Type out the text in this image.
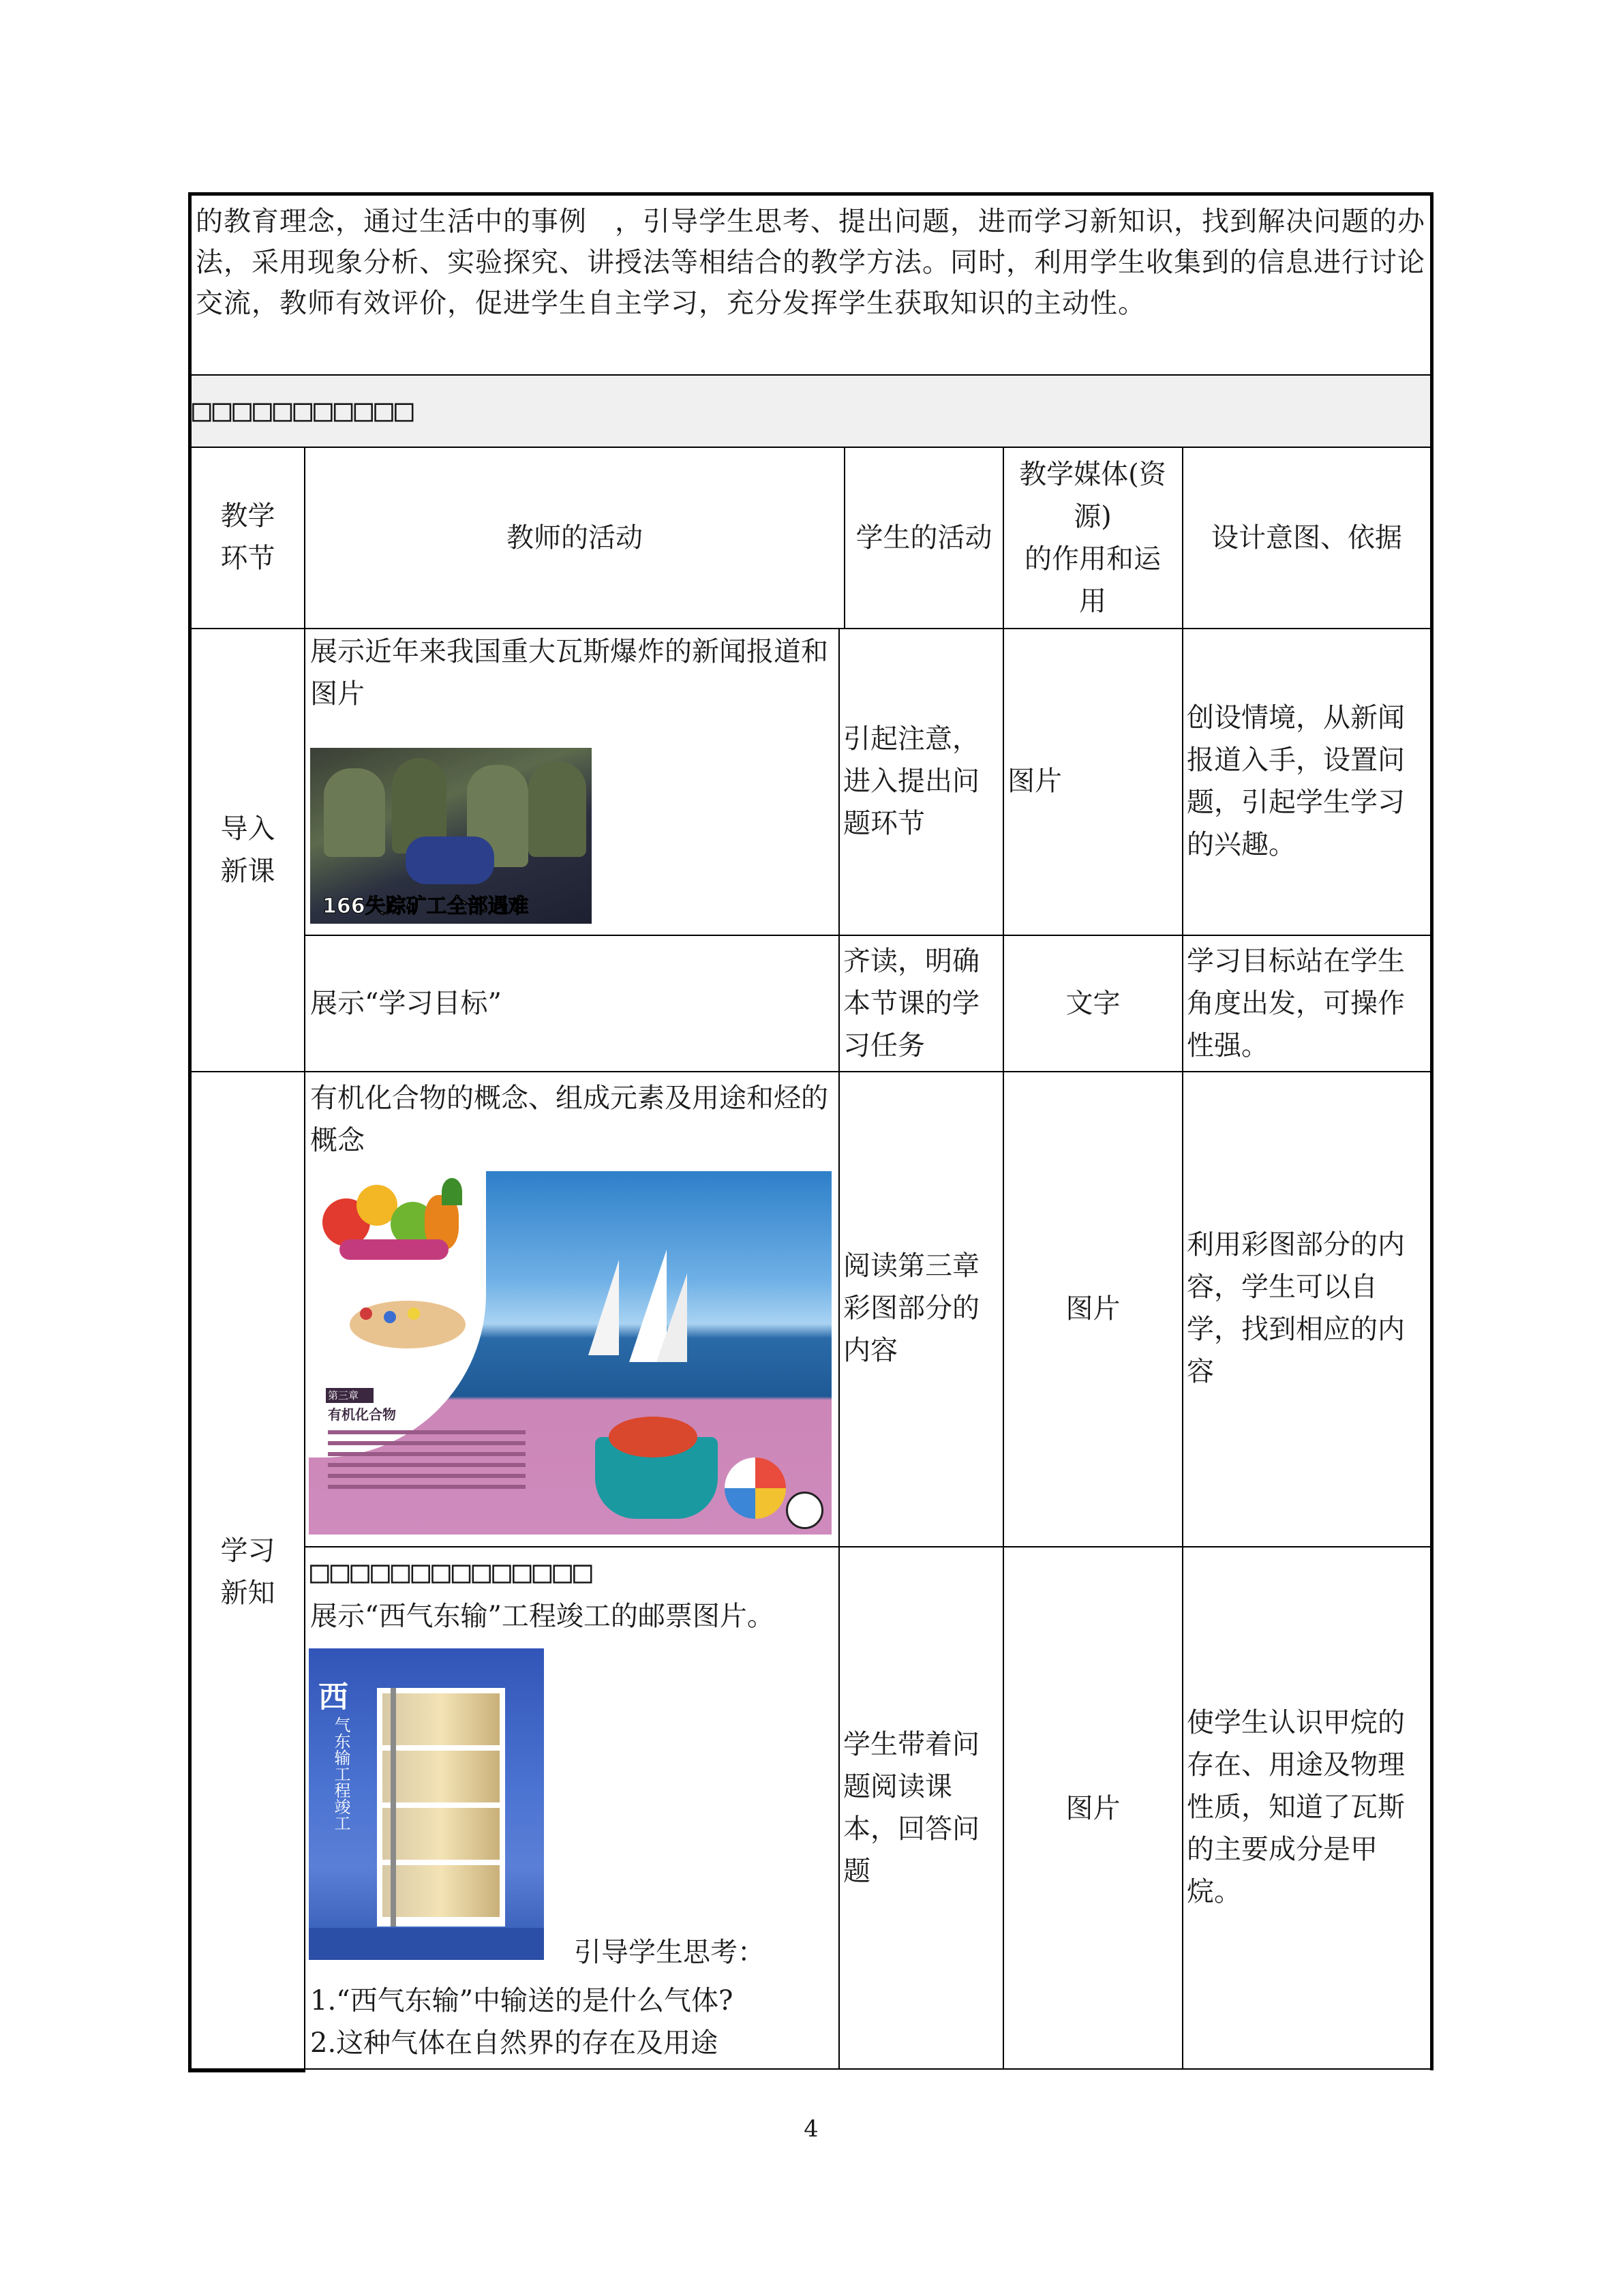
的教育理念，通过生活中的事例　，引导学生思考、提出问题，进而学习新知识，找到解决问题的办法，采用现象分析、实验探究、讲授法等相结合的教学方法。同时，利用学生收集到的信息进行讨论交流，教师有效评价，促进学生自主学习，充分发挥学生获取知识的主动性。
□□□□□□□□□□□
教学
环节
教师的活动	学生的活动
教学媒体(资源)
的作用和运用
设计意图、依据
导入
新课
展示近年来我国重大瓦斯爆炸的新闻报道和图片
166失踪矿工全部遇难
引起注意，进入提出问题环节
图片
创设情境，从新闻报道入手，设置问题，引起学生学习的兴趣。
展示“学习目标”
齐读，明确本节课的学习任务
文字
学习目标站在学生角度出发，可操作性强。
学习
新知
有机化合物的概念、组成元素及用途和烃的概念
第三章
有机化合物
阅读第三章彩图部分的内容
图片
利用彩图部分的内容，学生可以自学，找到相应的内容
□□□□□□□□□□□□□□
展示“西气东输”工程竣工的邮票图片。
西
气东输工程竣工
引导学生思考：
1.“西气东输”中输送的是什么气体?
2.这种气体在自然界的存在及用途
学生带着问题阅读课本，回答问题
图片
使学生认识甲烷的存在、用途及物理性质，知道了瓦斯的主要成分是甲烷。
4
